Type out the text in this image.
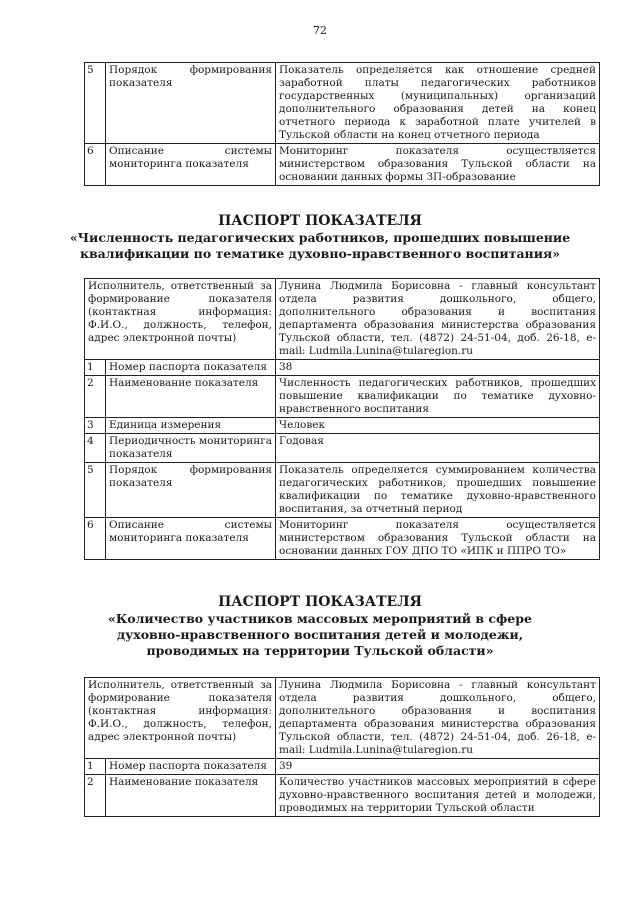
72
5	Порядок формирования показателя	Показатель определяется как отношение средней заработной платы педагогических работников государственных (муниципальных) организаций дополнительного образования детей на конец отчетного периода к заработной плате учителей в Тульской области на конец отчетного периода
6	Описание системы мониторинга показателя	Мониторинг показателя осуществляется министерством образования Тульской области на основании данных формы ЗП-образование
ПАСПОРТ ПОКАЗАТЕЛЯ
«Численность педагогических работников, прошедших повышение
квалификации по тематике духовно-нравственного воспитания»
Исполнитель, ответственный за формирование показателя (контактная информация: Ф.И.О., должность, телефон, адрес электронной почты)		Лунина Людмила Борисовна - главный консультант отдела развития дошкольного, общего, дополнительного образования и воспитания департамента образования министерства образования Тульской области, тел. (4872) 24-51-04, доб. 26-18, e-mail: Ludmila.Lunina@tularegion.ru
1	Номер паспорта показателя	38
2	Наименование показателя	Численность педагогических работников, прошедших повышение квалификации по тематике духовно-нравственного воспитания
3	Единица измерения	Человек
4	Периодичность мониторинга показателя	Годовая
5	Порядок формирования показателя	Показатель определяется суммированием количества педагогических работников, прошедших повышение квалификации по тематике духовно-нравственного воспитания, за отчетный период
6	Описание системы мониторинга показателя	Мониторинг показателя осуществляется министерством образования Тульской области на основании данных ГОУ ДПО ТО «ИПК и ППРО ТО»
ПАСПОРТ ПОКАЗАТЕЛЯ
«Количество участников массовых мероприятий в сфере
духовно-нравственного воспитания детей и молодежи,
проводимых на территории Тульской области»
Исполнитель, ответственный за формирование показателя (контактная информация: Ф.И.О., должность, телефон, адрес электронной почты)		Лунина Людмила Борисовна - главный консультант отдела развития дошкольного, общего, дополнительного образования и воспитания департамента образования министерства образования Тульской области, тел. (4872) 24-51-04, доб. 26-18, e-mail: Ludmila.Lunina@tularegion.ru
1	Номер паспорта показателя	39
2	Наименование показателя	Количество участников массовых мероприятий в сфере духовно-нравственного воспитания детей и молодежи, проводимых на территории Тульской области
